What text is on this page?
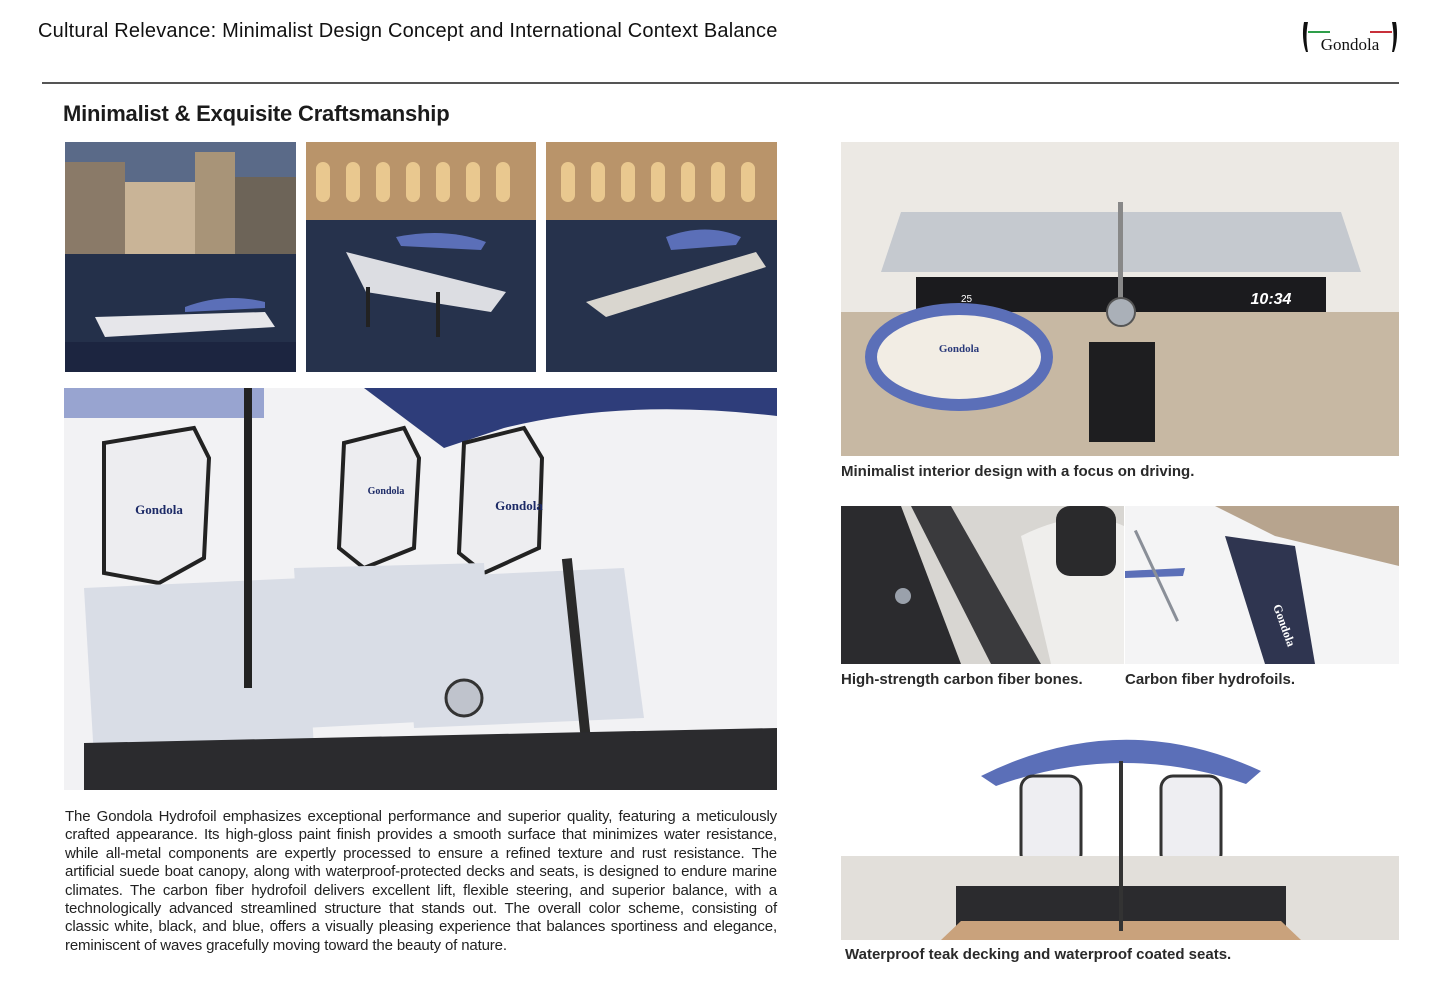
Cultural Relevance: Minimalist Design Concept and International Context Balance
Gondola
Minimalist & Exquisite Craftsmanship
Gondola
Gondola
Gondola
The Gondola Hydrofoil emphasizes exceptional performance and superior quality, featuring a meticulously crafted appearance. Its high-gloss paint finish provides a smooth surface that minimizes water resistance, while all-metal components are expertly processed to ensure a refined texture and rust resistance. The artificial suede boat canopy, along with waterproof-protected decks and seats, is designed to endure marine climates. The carbon fiber hydrofoil delivers excellent lift, flexible steering, and superior balance, with a technologically advanced streamlined structure that stands out. The overall color scheme, consisting of classic white, black, and blue, offers a visually pleasing experience that balances sportiness and elegance, reminiscent of waves gracefully moving toward the beauty of nature.
10:34
25
Gondola
Minimalist interior design with a focus on driving.
High-strength carbon fiber bones.
Gondola
Carbon fiber hydrofoils.
Waterproof teak decking and waterproof coated seats.
